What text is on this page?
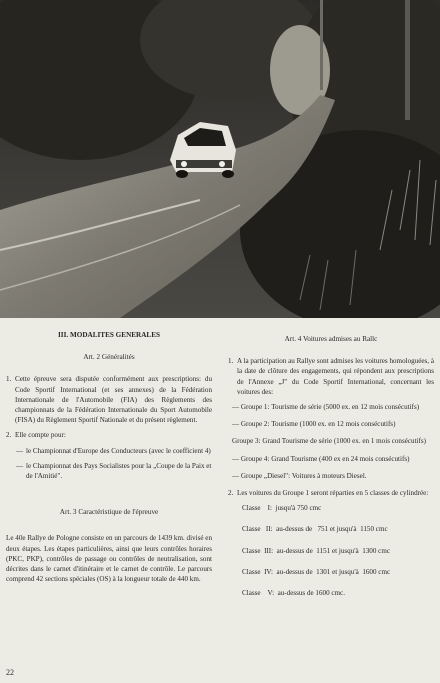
III. MODALITES GENERALES
Art. 2 Généralités
1. Cette épreuve sera disputée conformément aux prescriptions: du Code Sportif International (et ses annexes) de la Fédération Internationale de l'Automobile (FIA) des Règlements des championnats de la Fédération Internationale du Sport Automobile (FISA) du Règlement Sportif Nationale et du présent règlement.
2. Elle compte pour:
— le Championnat d'Europe des Conducteurs (avec le coefficient 4)
— le Championnat des Pays Socialistes pour la „Coupe de la Paix et de l'Amitié".
Art. 3 Caractéristique de l'épreuve
Le 40e Rallye de Pologne consiste en un parcours de 1439 km. divisé en deux étapes. Les étapes particulières, ainsi que leurs contrôles horaires (PKC, PKP), contrôles de passage ou contrôles de neutralisation, sont décrites dans le carnet d'itinéraire et le carnet de contrôle. Le parcours comprend 42 sections spéciales (OS) à la longueur totale de 440 km.
Art. 4 Voitures admises au Rallc
1. A la participation au Rallye sont admises les voitures homologuées, à la date de clôture des engagements, qui répondent aux prescriptions de l'Annexe „J" du Code Sportif International, concernant les voitures des:
— Groupe 1: Tourisme de série (5000 ex. en 12 mois consécutifs)
— Groupe 2: Tourisme (1000 ex. en 12 mois consécutifs)
Groupe 3: Grand Tourisme de série (1000 ex. en 1 mois consécutifs)
— Groupe 4: Grand Tourisme (400 ex en 24 mois consécutifs)
— Groupe „Diesel": Voitures à moteurs Diesel.
2. Les voitures du Groupe 1 seront réparties en 5 classes de cylindrée:
Classe    I:  jusqu'à 750 cmc
Classe   II:  au-dessus de   751 et jusqu'à  1150 cmc
Classe  III:  au-dessus de  1151 et jusqu'à  1300 cmc
Classe  IV:  au-dessus de  1301 et jusqu'à  1600 cmc
Classe    V:  au-dessus de 1600 cmc.
22
